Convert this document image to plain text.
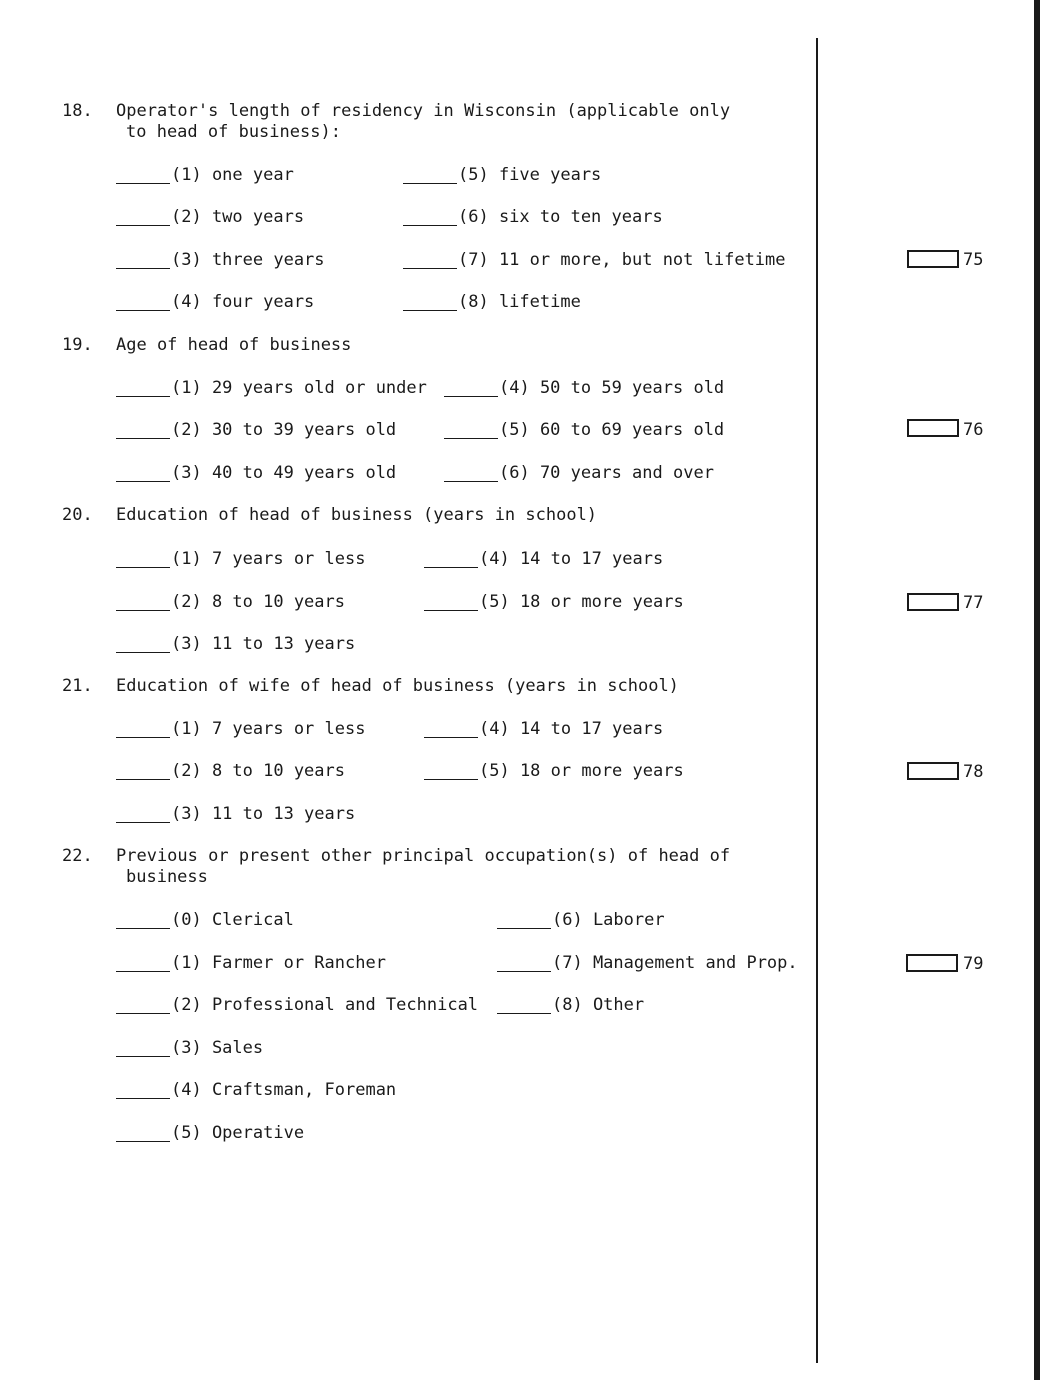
18. Operator's length of residency in Wisconsin (applicable only
to head of business):
(1) one year
(2) two years
(3) three years
(4) four years
(5) five years
(6) six to ten years
(7) 11 or more, but not lifetime
(8) lifetime
75
19. Age of head of business
(1) 29 years old or under
(2) 30 to 39 years old
(3) 40 to 49 years old
(4) 50 to 59 years old
(5) 60 to 69 years old
(6) 70 years and over
76
20. Education of head of business (years in school)
(1) 7 years or less
(2) 8 to 10 years
(3) 11 to 13 years
(4) 14 to 17 years
(5) 18 or more years	77
21. Education of wife of head of business (years in school)
(1) 7 years or less
(2) 8 to 10 years
(3) 11 to 13 years
(4) 14 to 17 years
(5) 18 or more years	78
22. Previous or present other principal occupation(s) of head of
business
(0) Clerical
(1) Farmer or Rancher
(2) Professional and Technical
(3) Sales
(4) Craftsman, Foreman
(5) Operative
(6) Laborer
(7) Management and Prop.
(8) Other
79
